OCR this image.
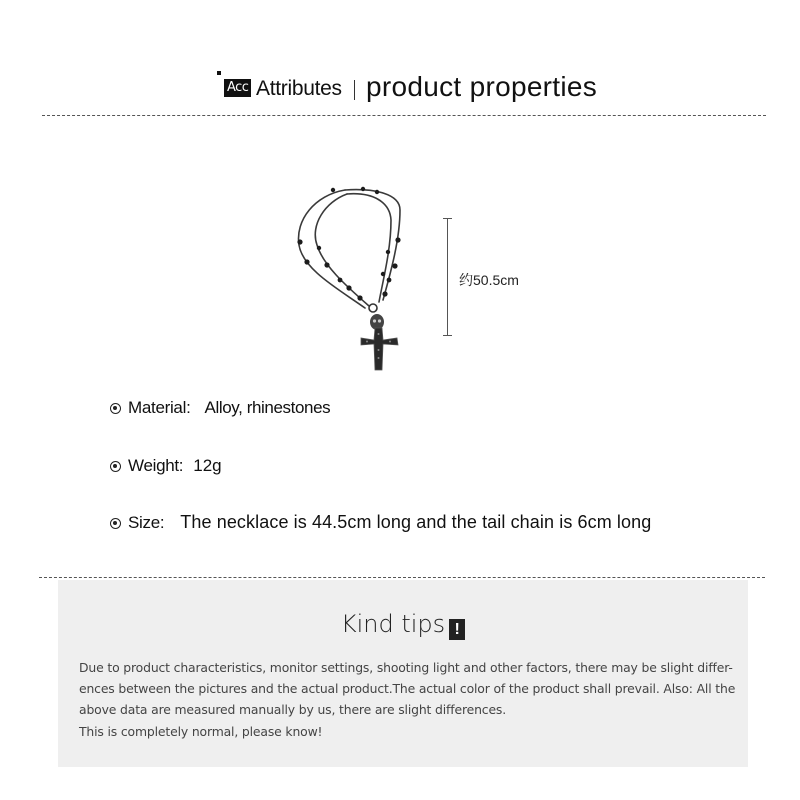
Acc Attributes product properties
约50.5cm
Material: Alloy, rhinestones
Weight: 12g
Size: The necklace is 44.5cm long and the tail chain is 6cm long
Kind tips !
Due to product characteristics, monitor settings, shooting light and other factors, there may be slight differ-
ences between the pictures and the actual product.The actual color of the product shall prevail. Also: All the
above data are measured manually by us, there are slight differences.
This is completely normal, please know!
